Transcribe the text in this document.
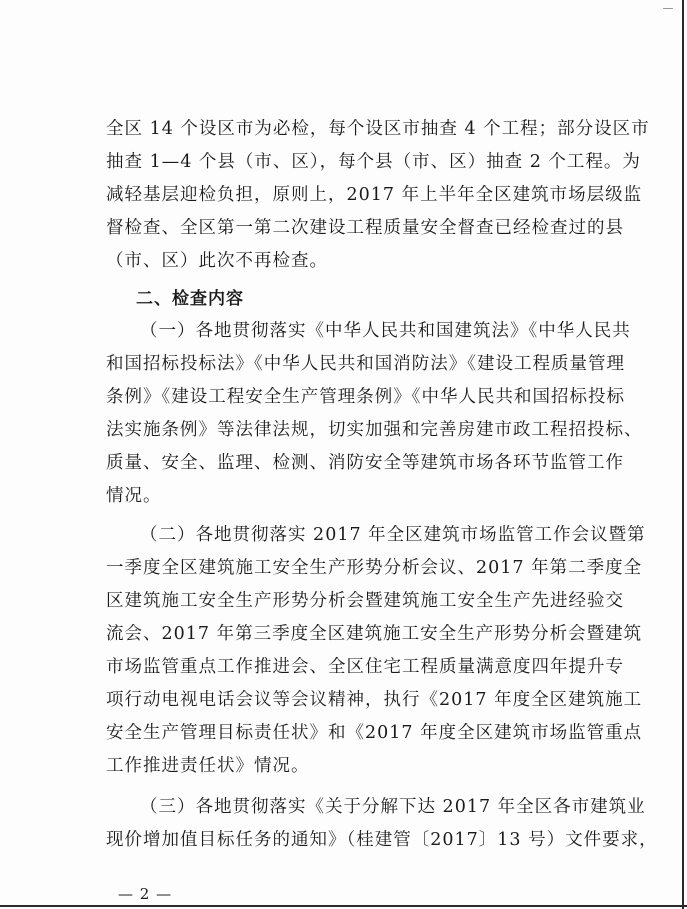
全区 14 个设区市为必检，每个设区市抽查 4 个工程；部分设区市
抽查 1—4 个县（市、区），每个县（市、区）抽查 2 个工程。为
减轻基层迎检负担，原则上，2017 年上半年全区建筑市场层级监
督检查、全区第一第二次建设工程质量安全督查已经检查过的县
（市、区）此次不再检查。
二、检查内容
（一）各地贯彻落实《中华人民共和国建筑法》《中华人民共
和国招标投标法》《中华人民共和国消防法》《建设工程质量管理
条例》《建设工程安全生产管理条例》《中华人民共和国招标投标
法实施条例》等法律法规，切实加强和完善房建市政工程招投标、
质量、安全、监理、检测、消防安全等建筑市场各环节监管工作
情况。
（二）各地贯彻落实 2017 年全区建筑市场监管工作会议暨第
一季度全区建筑施工安全生产形势分析会议、2017 年第二季度全
区建筑施工安全生产形势分析会暨建筑施工安全生产先进经验交
流会、2017 年第三季度全区建筑施工安全生产形势分析会暨建筑
市场监管重点工作推进会、全区住宅工程质量满意度四年提升专
项行动电视电话会议等会议精神，执行《2017 年度全区建筑施工
安全生产管理目标责任状》和《2017 年度全区建筑市场监管重点
工作推进责任状》情况。
（三）各地贯彻落实《关于分解下达 2017 年全区各市建筑业
现价增加值目标任务的通知》（桂建管〔2017〕13 号）文件要求，
— 2 —
